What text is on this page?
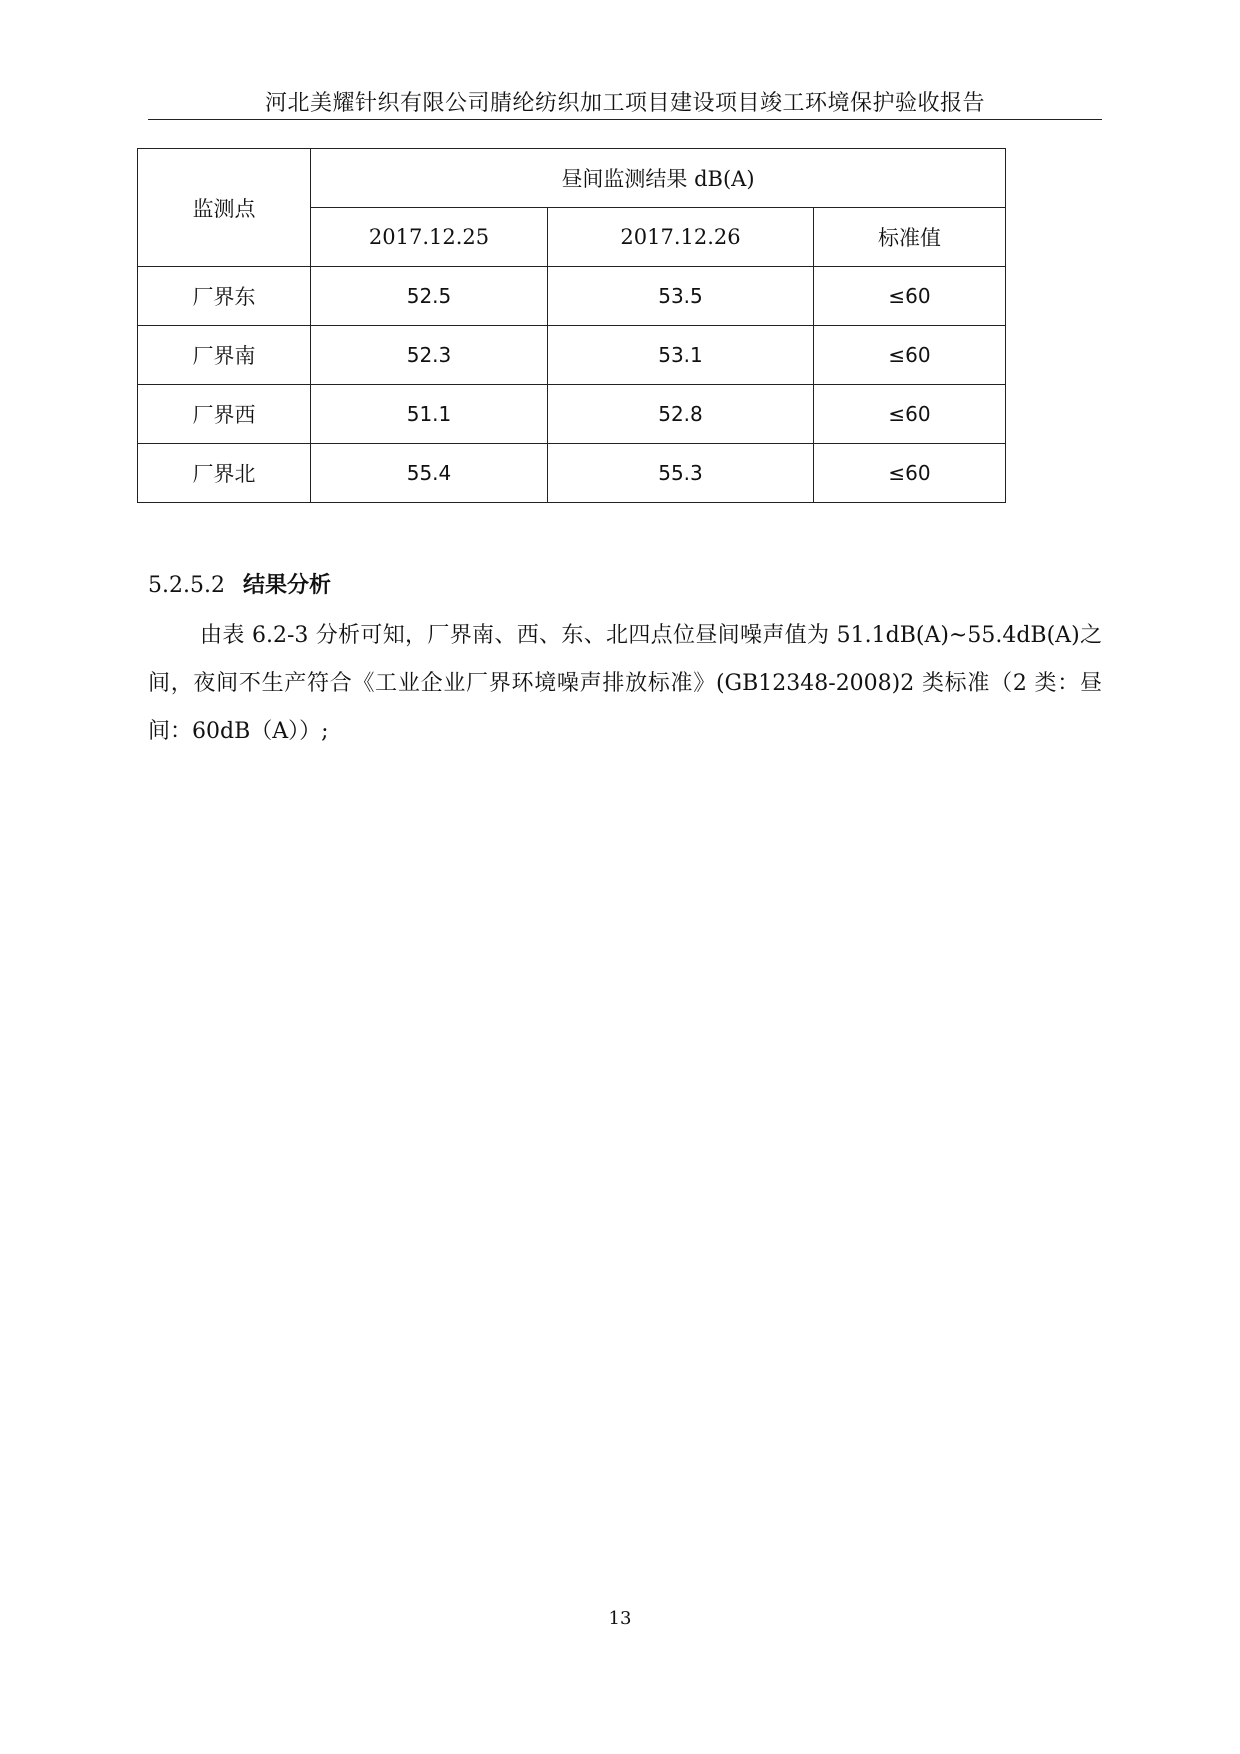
河北美耀针织有限公司腈纶纺织加工项目建设项目竣工环境保护验收报告
监测点	昼间监测结果 dB(A)		
	2017.12.25	2017.12.26	标准值
厂界东	52.5	53.5	≤60
厂界南	52.3	53.1	≤60
厂界西	51.1	52.8	≤60
厂界北	55.4	55.3	≤60
5.2.5.2 结果分析

由表 6.2-3 分析可知，厂界南、西、东、北四点位昼间噪声值为 51.1dB(A)~55.4dB(A)之间，夜间不生产符合《工业企业厂界环境噪声排放标准》(GB12348-2008)2 类标准（2 类：昼间：60dB（A））;

13
